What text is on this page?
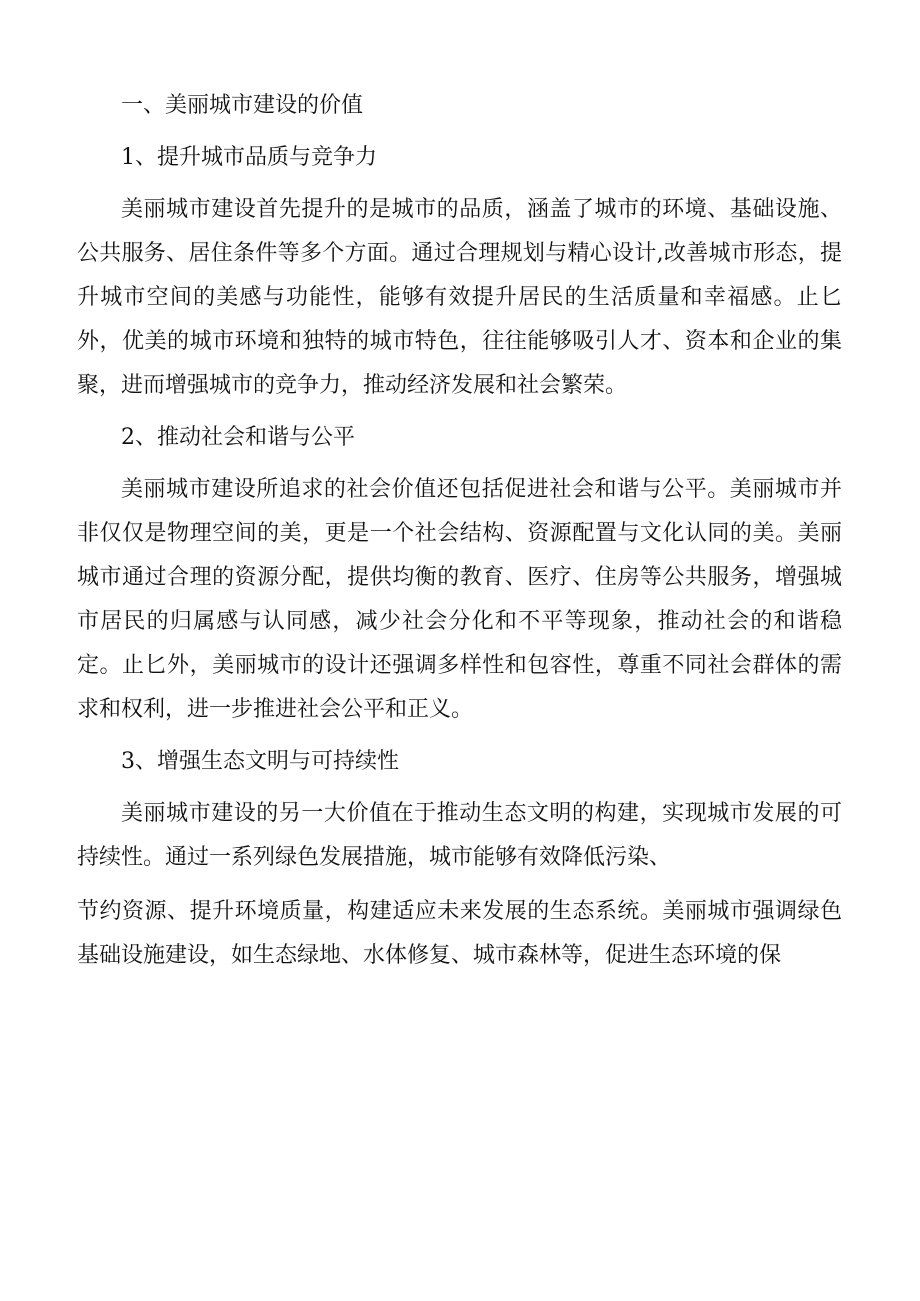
一、美丽城市建设的价值

1、提升城市品质与竞争力

美丽城市建设首先提升的是城市的品质，涵盖了城市的环境、基础设施、公共服务、居住条件等多个方面。通过合理规划与精心设计,改善城市形态，提升城市空间的美感与功能性，能够有效提升居民的生活质量和幸福感。止匕外，优美的城市环境和独特的城市特色，往往能够吸引人才、资本和企业的集聚，进而增强城市的竞争力，推动经济发展和社会繁荣。

2、推动社会和谐与公平

美丽城市建设所追求的社会价值还包括促进社会和谐与公平。美丽城市并非仅仅是物理空间的美，更是一个社会结构、资源配置与文化认同的美。美丽城市通过合理的资源分配，提供均衡的教育、医疗、住房等公共服务，增强城市居民的归属感与认同感，减少社会分化和不平等现象，推动社会的和谐稳定。止匕外，美丽城市的设计还强调多样性和包容性，尊重不同社会群体的需求和权利，进一步推进社会公平和正义。

3、增强生态文明与可持续性

美丽城市建设的另一大价值在于推动生态文明的构建，实现城市发展的可持续性。通过一系列绿色发展措施，城市能够有效降低污染、

节约资源、提升环境质量，构建适应未来发展的生态系统。美丽城市强调绿色基础设施建设，如生态绿地、水体修复、城市森林等，促进生态环境的保
